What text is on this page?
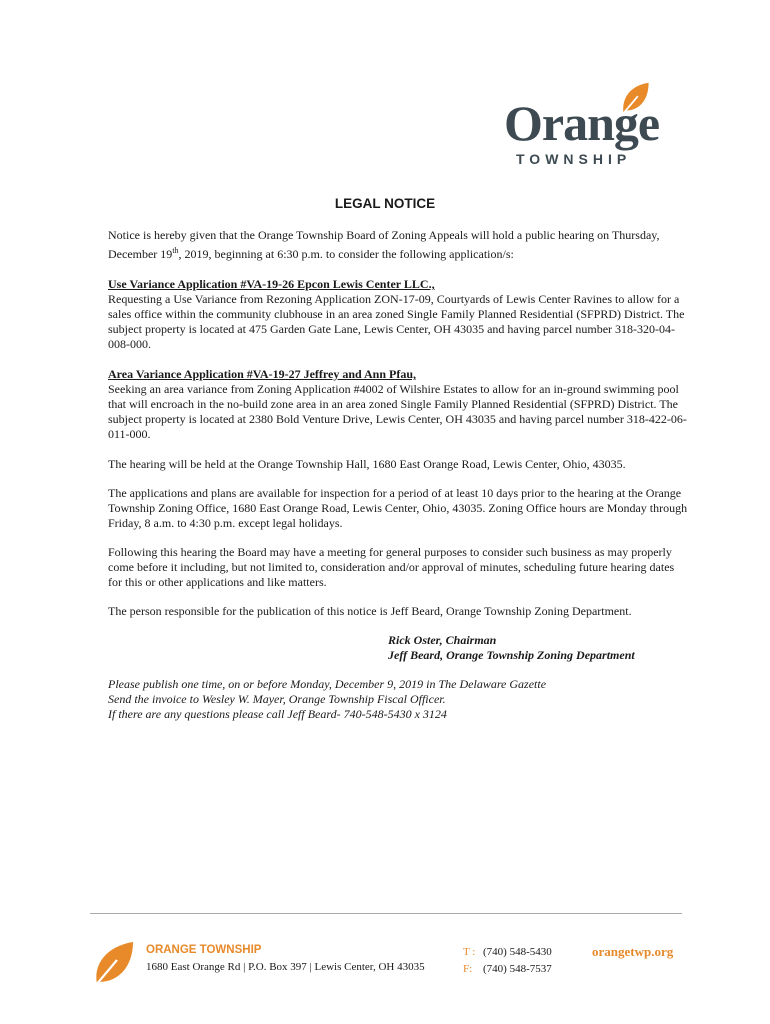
Orange
TOWNSHIP
LEGAL NOTICE

Notice is hereby given that the Orange Township Board of Zoning Appeals will hold a public hearing on Thursday, December 19th, 2019, beginning at 6:30 p.m. to consider the following application/s:

Use Variance Application #VA-19-26 Epcon Lewis Center LLC.,
Requesting a Use Variance from Rezoning Application ZON-17-09, Courtyards of Lewis Center Ravines to allow for a sales office within the community clubhouse in an area zoned Single Family Planned Residential (SFPRD) District. The subject property is located at 475 Garden Gate Lane, Lewis Center, OH 43035 and having parcel number 318-320-04-008-000.

Area Variance Application #VA-19-27 Jeffrey and Ann Pfau,
Seeking an area variance from Zoning Application #4002 of Wilshire Estates to allow for an in-ground swimming pool that will encroach in the no-build zone area in an area zoned Single Family Planned Residential (SFPRD) District. The subject property is located at 2380 Bold Venture Drive, Lewis Center, OH 43035 and having parcel number 318-422-06-011-000.

The hearing will be held at the Orange Township Hall, 1680 East Orange Road, Lewis Center, Ohio, 43035.

The applications and plans are available for inspection for a period of at least 10 days prior to the hearing at the Orange Township Zoning Office, 1680 East Orange Road, Lewis Center, Ohio, 43035. Zoning Office hours are Monday through Friday, 8 a.m. to 4:30 p.m. except legal holidays.

Following this hearing the Board may have a meeting for general purposes to consider such business as may properly come before it including, but not limited to, consideration and/or approval of minutes, scheduling future hearing dates for this or other applications and like matters.

The person responsible for the publication of this notice is Jeff Beard, Orange Township Zoning Department.

Rick Oster, Chairman

Jeff Beard, Orange Township Zoning Department

Please publish one time, on or before Monday, December 9, 2019 in The Delaware Gazette

Send the invoice to Wesley W. Mayer, Orange Township Fiscal Officer.

If there are any questions please call Jeff Beard- 740-548-5430 x 3124

ORANGE TOWNSHIP
1680 East Orange Rd | P.O. Box 397 | Lewis Center, OH 43035
T : (740) 548-5430
F: (740) 548-7537
orangetwp.org
